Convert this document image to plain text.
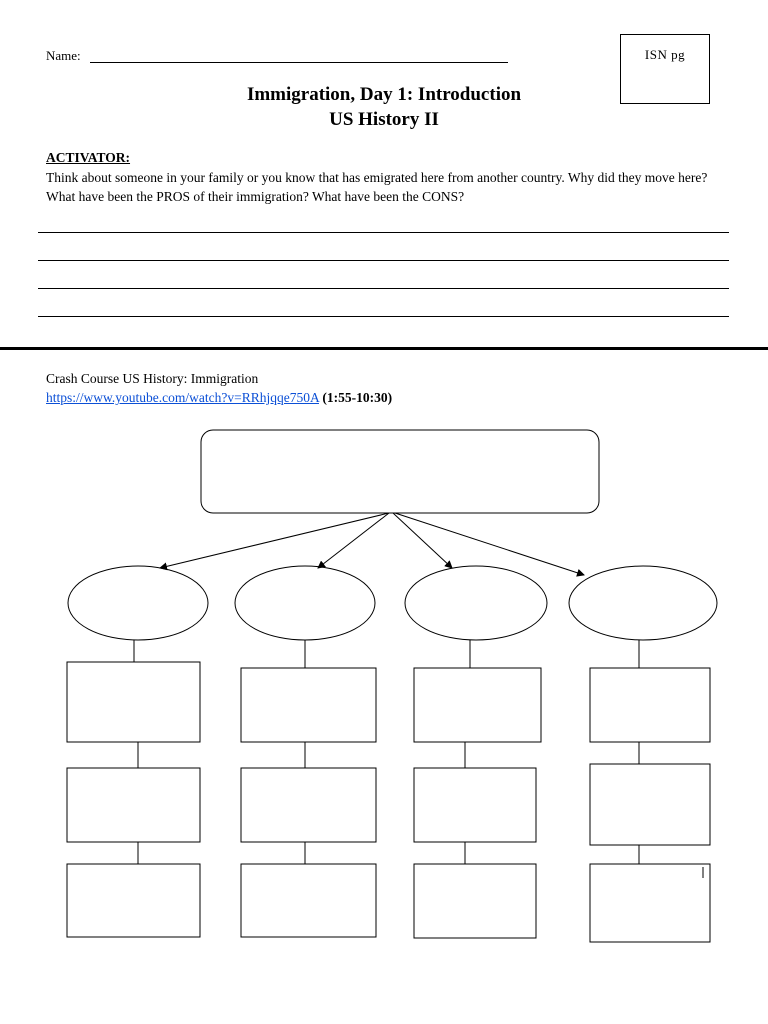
Name:	ISN pg
Immigration, Day 1: Introduction
US History II
ACTIVATOR:
Think about someone in your family or you know that has emigrated here from another country. Why did they move here? What have been the PROS of their immigration? What have been the CONS?
Crash Course US History: Immigration
https://www.youtube.com/watch?v=RRhjqqe750A (1:55-10:30)
